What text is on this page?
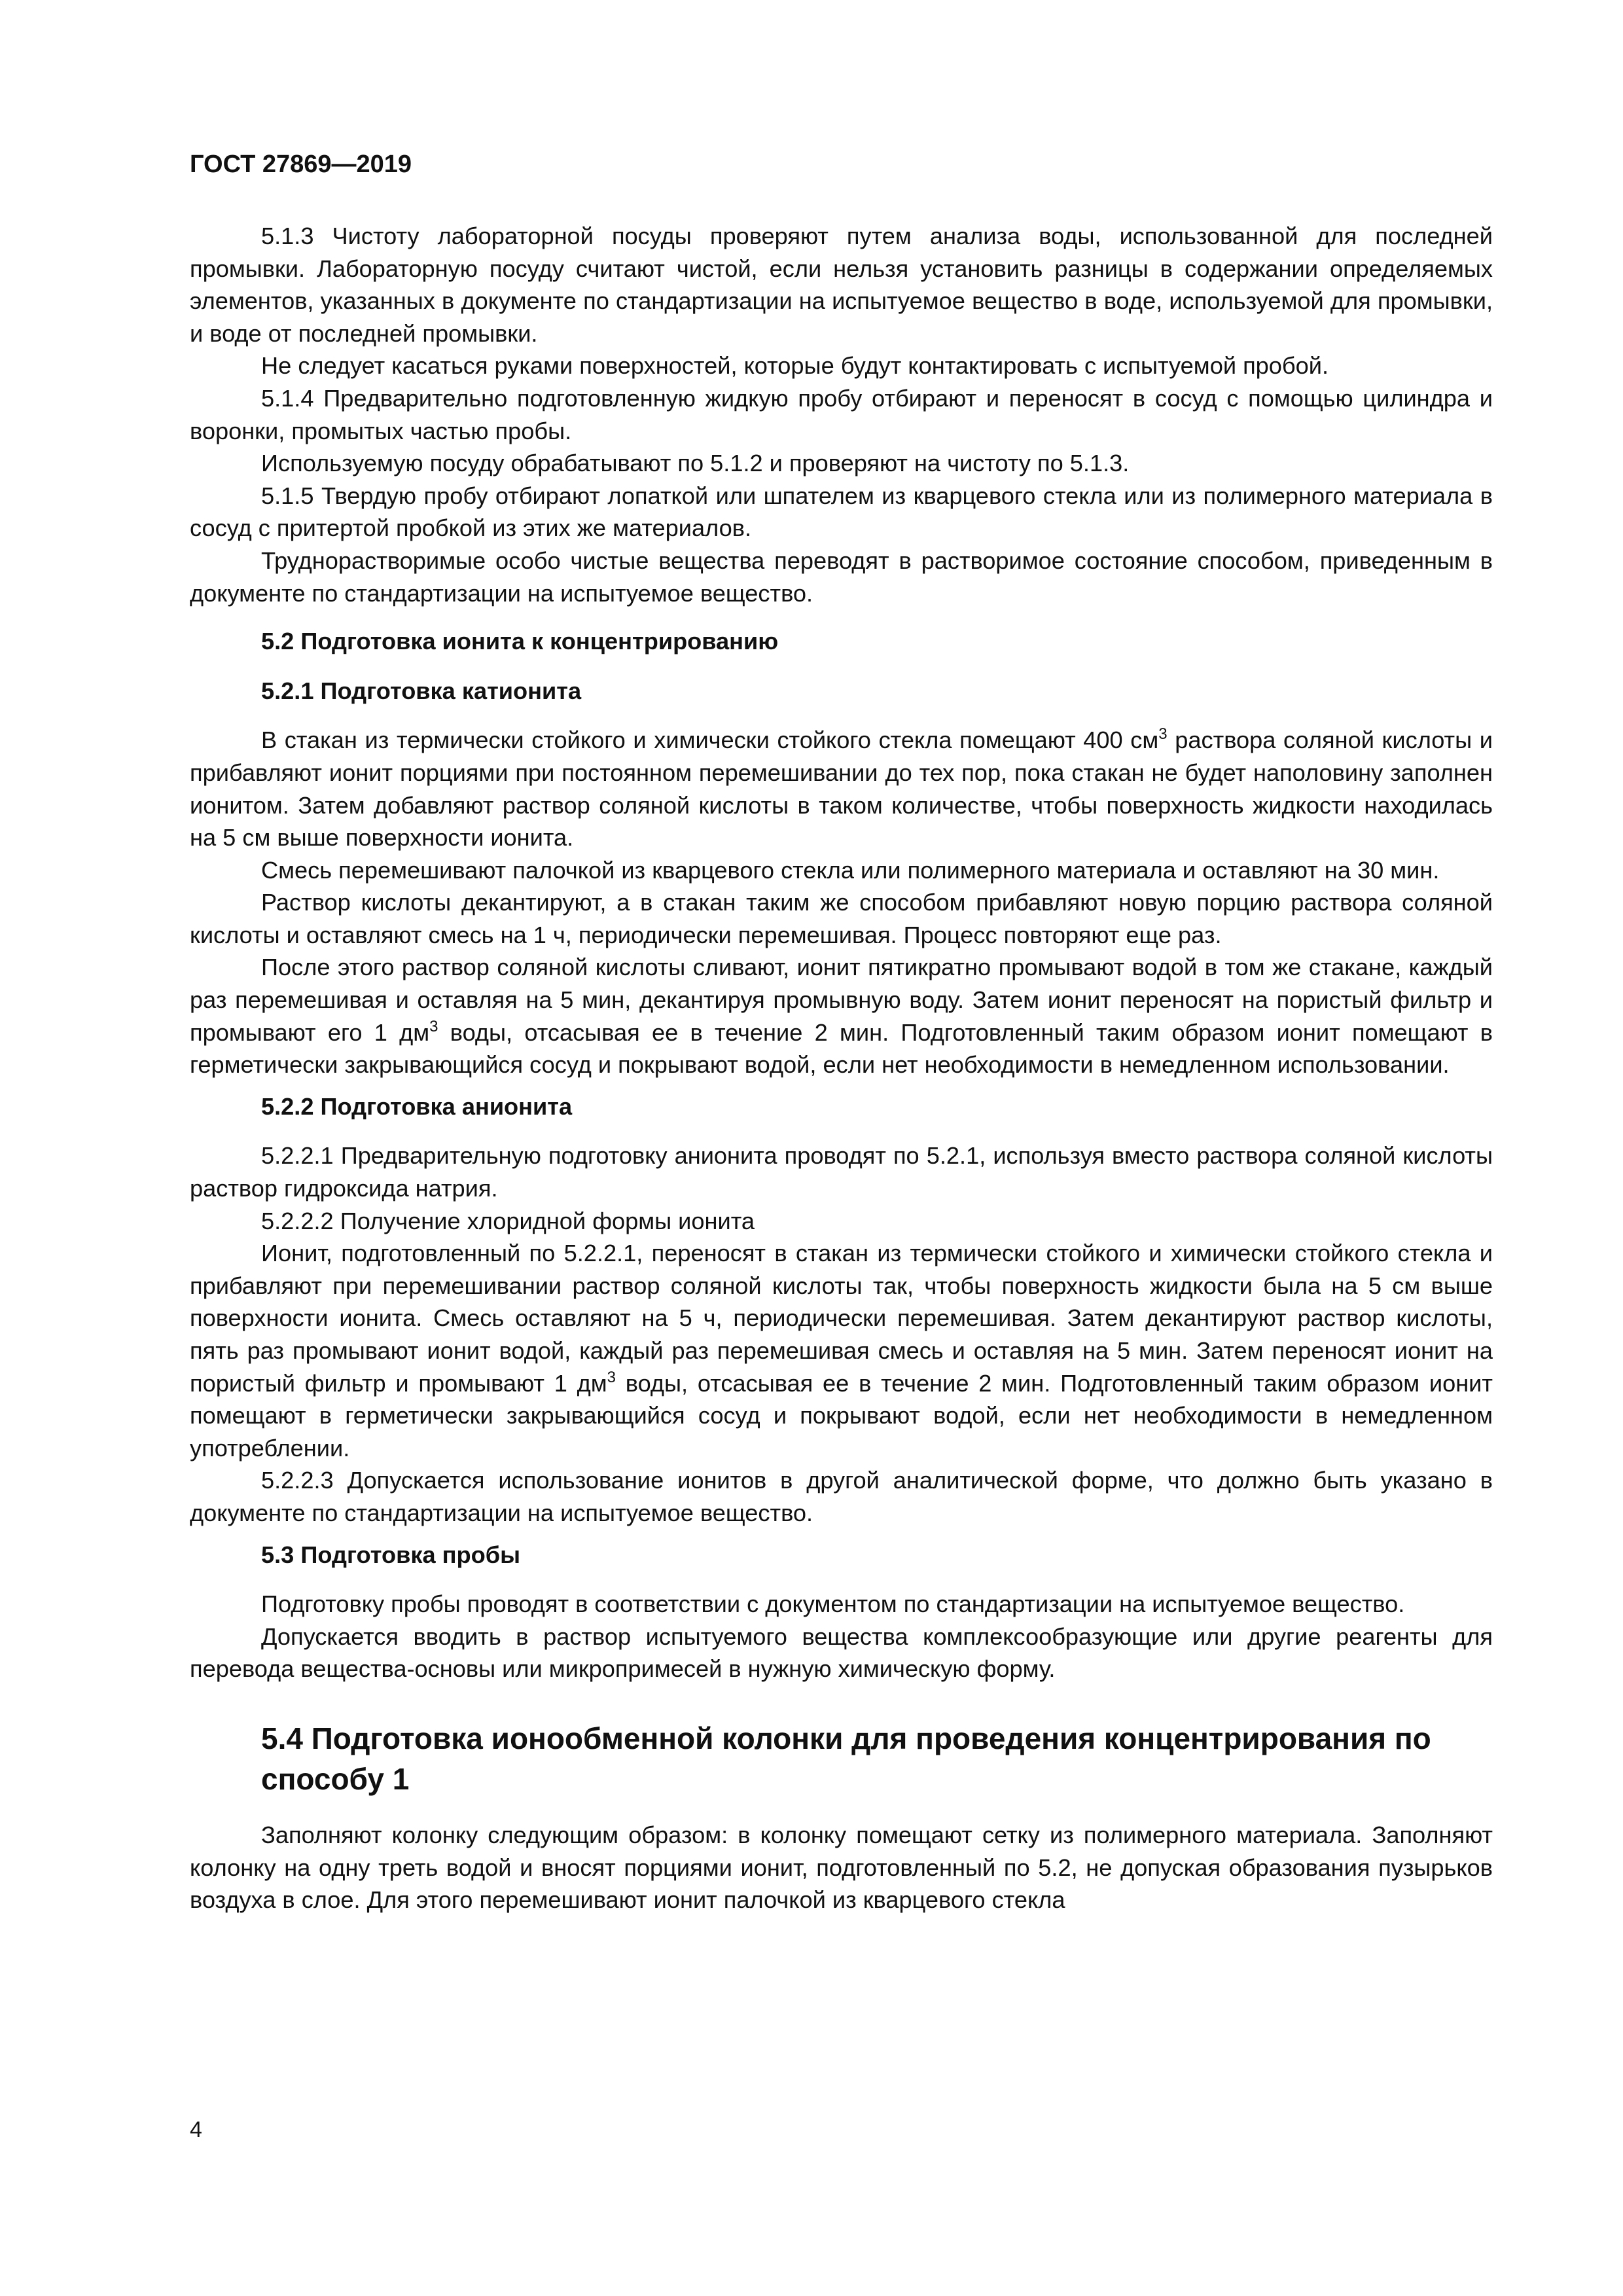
ГОСТ 27869—2019

5.1.3 Чистоту лабораторной посуды проверяют путем анализа воды, использованной для последней промывки. Лабораторную посуду считают чистой, если нельзя установить разницы в содержании определяемых элементов, указанных в документе по стандартизации на испытуемое вещество в воде, используемой для промывки, и воде от последней промывки.

Не следует касаться руками поверхностей, которые будут контактировать с испытуемой пробой.

5.1.4 Предварительно подготовленную жидкую пробу отбирают и переносят в сосуд с помощью цилиндра и воронки, промытых частью пробы.

Используемую посуду обрабатывают по 5.1.2 и проверяют на чистоту по 5.1.3.

5.1.5 Твердую пробу отбирают лопаткой или шпателем из кварцевого стекла или из полимерного материала в сосуд с притертой пробкой из этих же материалов.

Труднорастворимые особо чистые вещества переводят в растворимое состояние способом, приведенным в документе по стандартизации на испытуемое вещество.

5.2 Подготовка ионита к концентрированию

5.2.1 Подготовка катионита

В стакан из термически стойкого и химически стойкого стекла помещают 400 $см^3$ раствора соляной кислоты и прибавляют ионит порциями при постоянном перемешивании до тех пор, пока стакан не будет наполовину заполнен ионитом. Затем добавляют раствор соляной кислоты в таком количестве, чтобы поверхность жидкости находилась на 5 см выше поверхности ионита.

Смесь перемешивают палочкой из кварцевого стекла или полимерного материала и оставляют на 30 мин.

Раствор кислоты декантируют, а в стакан таким же способом прибавляют новую порцию раствора соляной кислоты и оставляют смесь на 1 ч, периодически перемешивая. Процесс повторяют еще раз.

После этого раствор соляной кислоты сливают, ионит пятикратно промывают водой в том же стакане, каждый раз перемешивая и оставляя на 5 мин, декантируя промывную воду. Затем ионит переносят на пористый фильтр и промывают его 1 $дм^3$ воды, отсасывая ее в течение 2 мин. Подготовленный таким образом ионит помещают в герметически закрывающийся сосуд и покрывают водой, если нет необходимости в немедленном использовании.

5.2.2 Подготовка анионита

5.2.2.1 Предварительную подготовку анионита проводят по 5.2.1, используя вместо раствора соляной кислоты раствор гидроксида натрия.

5.2.2.2 Получение хлоридной формы ионита

Ионит, подготовленный по 5.2.2.1, переносят в стакан из термически стойкого и химически стойкого стекла и прибавляют при перемешивании раствор соляной кислоты так, чтобы поверхность жидкости была на 5 см выше поверхности ионита. Смесь оставляют на 5 ч, периодически перемешивая. Затем декантируют раствор кислоты, пять раз промывают ионит водой, каждый раз перемешивая смесь и оставляя на 5 мин. Затем переносят ионит на пористый фильтр и промывают 1 $дм^3$ воды, отсасывая ее в течение 2 мин. Подготовленный таким образом ионит помещают в герметически закрывающийся сосуд и покрывают водой, если нет необходимости в немедленном употреблении.

5.2.2.3 Допускается использование ионитов в другой аналитической форме, что должно быть указано в документе по стандартизации на испытуемое вещество.

5.3 Подготовка пробы

Подготовку пробы проводят в соответствии с документом по стандартизации на испытуемое вещество.

Допускается вводить в раствор испытуемого вещества комплексообразующие или другие реагенты для перевода вещества-основы или микропримесей в нужную химическую форму.

5.4 Подготовка ионообменной колонки для проведения концентрирования по способу 1

Заполняют колонку следующим образом: в колонку помещают сетку из полимерного материала. Заполняют колонку на одну треть водой и вносят порциями ионит, подготовленный по 5.2, не допуская образования пузырьков воздуха в слое. Для этого перемешивают ионит палочкой из кварцевого стекла

4
